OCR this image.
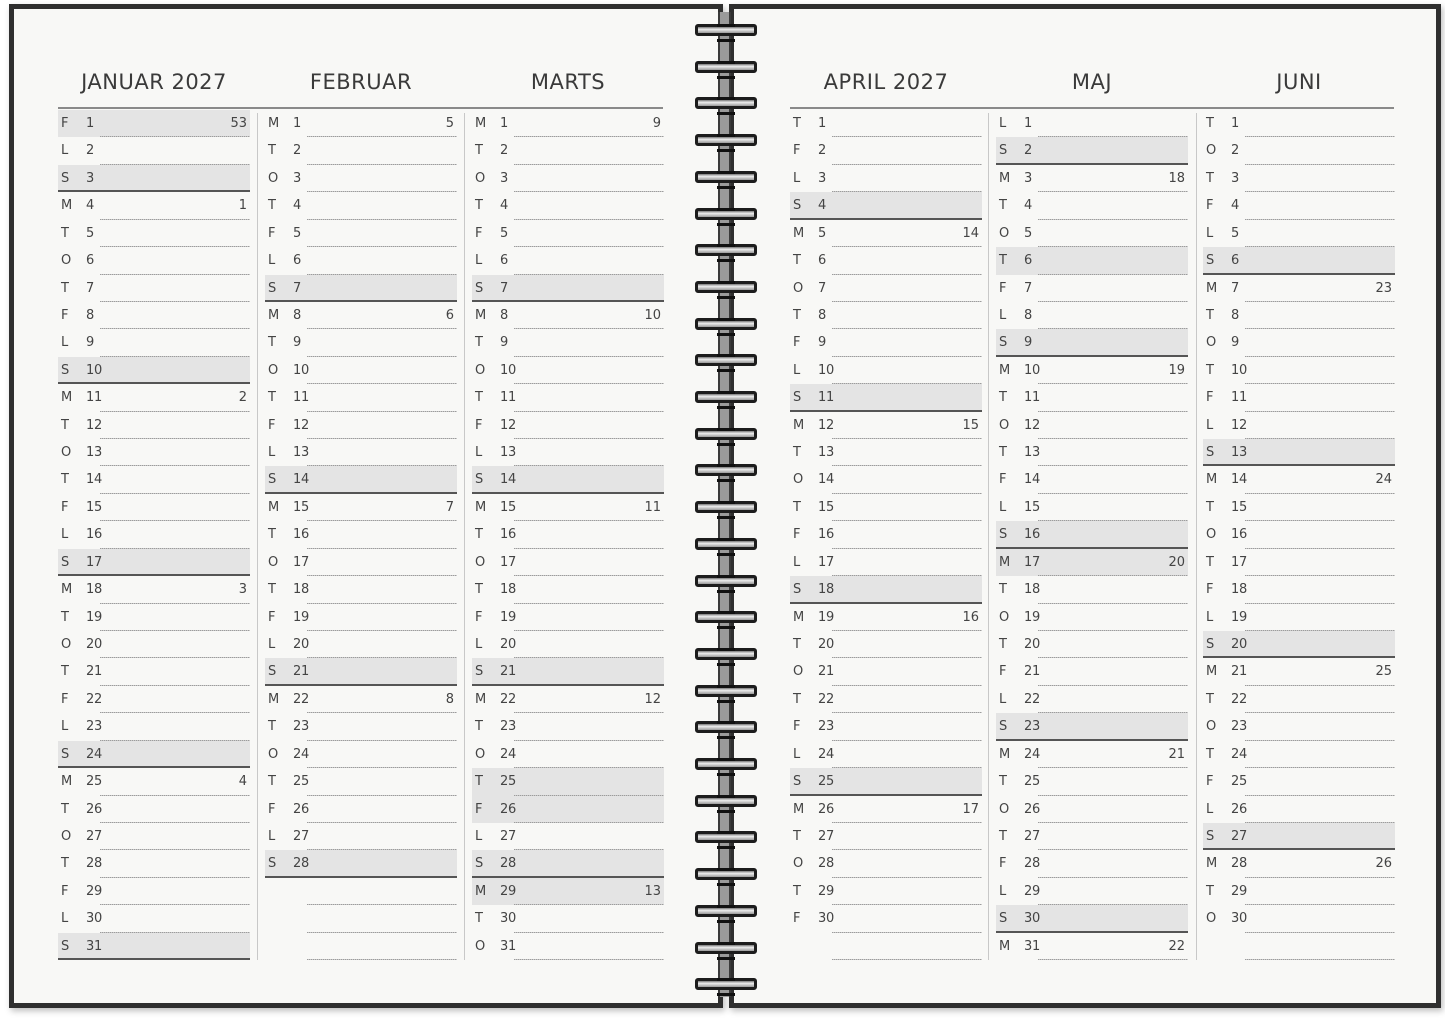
JANUAR 2027
F 1	53
L 2
S 3
M 4	1
T 5
O 6
T 7
F 8
L 9
S 10
M 11	2
T 12
O 13
T 14
F 15
L 16
S 17
M 18	3
T 19
O 20
T 21
F 22
L 23
S 24
M 25	4
T 26
O 27
T 28
F 29
L 30
S 31
FEBRUAR
M 1	5
T 2
O 3
T 4
F 5
L 6
S 7
M 8	6
T 9
O 10
T 11
F 12
L 13
S 14
M 15	7
T 16
O 17
T 18
F 19
L 20
S 21
M 22	8
T 23
O 24
T 25
F 26
L 27
S 28
MARTS
M 1	9
T 2
O 3
T 4
F 5
L 6
S 7
M 8	10
T 9
O 10
T 11
F 12
L 13
S 14
M 15	11
T 16
O 17
T 18
F 19
L 20
S 21
M 22	12
T 23
O 24
T 25
F 26
L 27
S 28
M 29	13
T 30
O 31
APRIL 2027
T 1
F 2
L 3
S 4
M 5	14
T 6
O 7
T 8
F 9
L 10
S 11
M 12	15
T 13
O 14
T 15
F 16
L 17
S 18
M 19	16
T 20
O 21
T 22
F 23
L 24
S 25
M 26	17
T 27
O 28
T 29
F 30
MAJ
L 1
S 2
M 3	18
T 4
O 5
T 6
F 7
L 8
S 9
M 10	19
T 11
O 12
T 13
F 14
L 15
S 16
M 17	20
T 18
O 19
T 20
F 21
L 22
S 23
M 24	21
T 25
O 26
T 27
F 28
L 29
S 30
M 31	22
JUNI
T 1
O 2
T 3
F 4
L 5
S 6
M 7	23
T 8
O 9
T 10
F 11
L 12
S 13
M 14	24
T 15
O 16
T 17
F 18
L 19
S 20
M 21	25
T 22
O 23
T 24
F 25
L 26
S 27
M 28	26
T 29
O 30
